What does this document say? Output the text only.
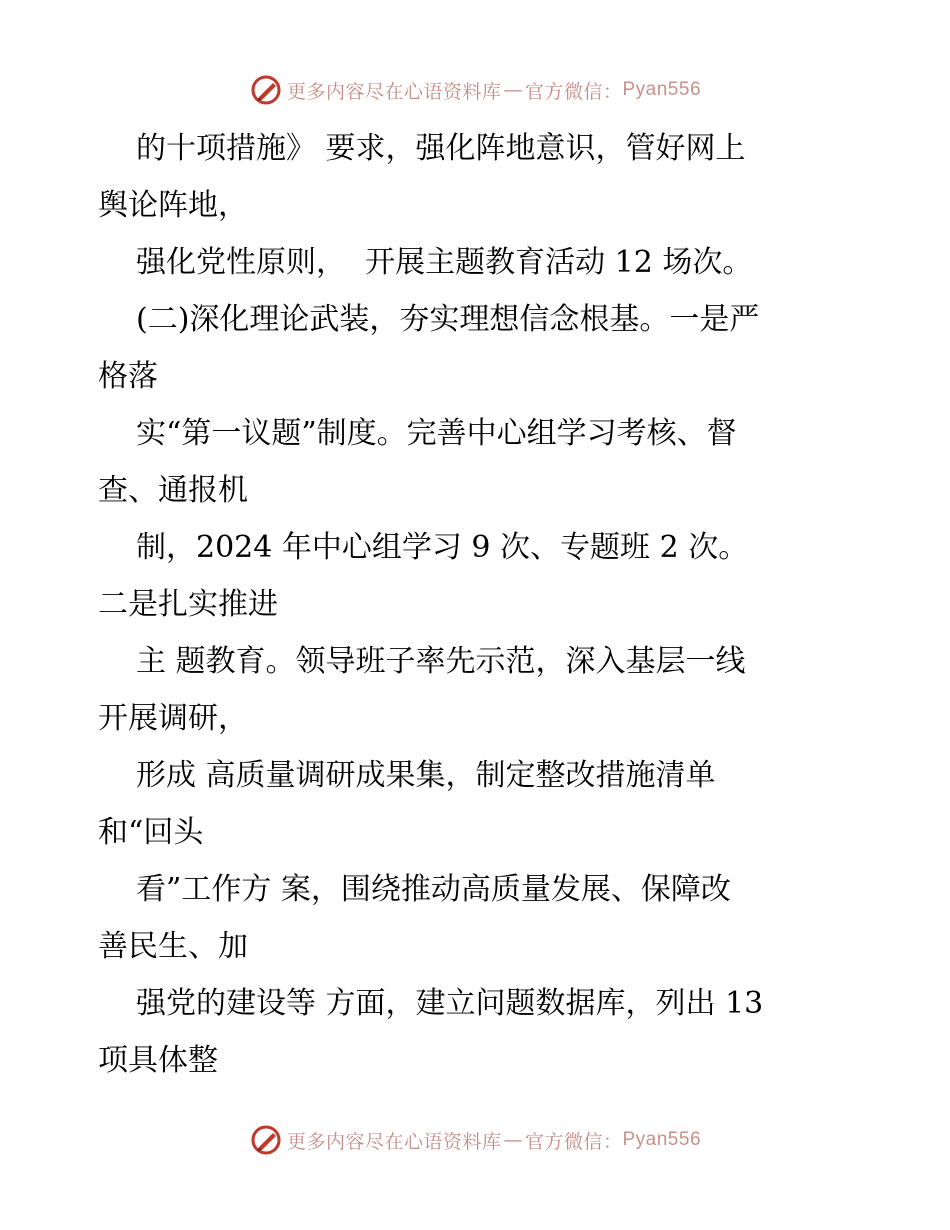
更多内容尽在心语资料库 — 官方微信： Pyan556
的十项措施》 要求，强化阵地意识，管好网上
舆论阵地，
强化党性原则，  开展主题教育活动 12 场次。
(二)深化理论武装，夯实理想信念根基。一是严
格落
实“第一议题”制度。完善中心组学习考核、督
查、通报机
制，2024 年中心组学习 9 次、专题班 2 次。
二是扎实推进
主 题教育。领导班子率先示范，深入基层一线
开展调研，
形成 高质量调研成果集，制定整改措施清单
和“回头
看”工作方 案，围绕推动高质量发展、保障改
善民生、加
强党的建设等 方面，建立问题数据库，列出 13
项具体整
更多内容尽在心语资料库 — 官方微信： Pyan556
